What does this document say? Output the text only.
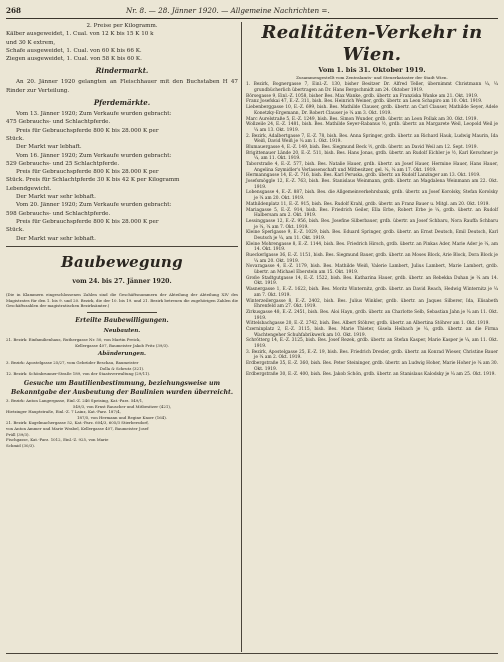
268	Nr. 8. — 28. Jänner 1920. — Allgemeine Nachrichten =.

2. Preise per Kilogramm.

Kälber ausgeweidet, 1. Cual. von 12 K bis 15 K 10 k

und 30 K extrem,

Schafe ausgeweidet, 1. Cual. von 60 K bis 66 K.

Ziegen ausgeweidet, 1. Cual. von 58 K bis 60 K.

Rindermarkt.

An 20. Jänner 1920 gelangten an Fleischhauer mit den Buchstaben H 47 Rinder zur Verteilung.

Pferdemärkte.

Vom 13. Jänner 1920; Zum Verkaufe wurden gebracht:

475 Gebrauchs- und Schlachtpferde.

Preis für Gebrauchspferde 800 K bis 28.000 K per

Stück.

Der Markt war lebhaft.

Vom 16. Jänner 1920; Zum Verkaufe wurden gebracht:

529 Gebrauchs- und 25 Schlachtpferde.

Preis für Gebrauchspferde 800 K bis 28.000 K per

Stück. Preis für Schlachtpferde 30 K bis 42 K per Kilogramm

Lebendgewicht.

Der Markt war sehr lebhaft.

Vom 20. Jänner 1920; Zum Verkaufe wurden gebracht:

598 Gebrauchs- und Schlachtpferde.

Preis für Gebrauchspferde 800 K bis 28.000 K per

Stück.

Der Markt war sehr lebhaft.

Baubewegung

vom 24. bis 27. Jänner 1920.

(Die in Klammern eingeschlossenen Zahlen sind die Geschäftsnummern der Abteilung der Abteilung XIV des Magistrates für den 1. bis 9. und 20. Bezirk, die der 10. bis 19. und 21. Bezirk betreuen die zugehörigen Zahlen die Geschäftszahlen der magistratischen Bezirksämter.)

Erteilte Baubewilligungen.

Neubauten.

21. Bezirk: Einfamilienhaus, Ruthergasse Nr. 50, von Martin Preick,

Kellergasse 407, Baumeister Jakob Fritz (39/3).

Abänderungen.

3. Bezirk: Apostelgasse 25/27, vom Gebrüder Beschau, Baumeister

Dolla & Schrutz (321).

12. Bezirk: Schönbrunner-Straße 189, von der Staatsverwaltung (29/11).

Gesuche um Bautilienbestimmung, beziehungsweise um Bekanntgabe der Ausbeutung der Baulinien wurden überreicht.

3. Bezirk: Anton Langergasse, Einl.-Z. 246 Speising, Kat.-Parz. 549/1,

549/3, von Ernst Rauscher und Mitbesitzer (421),

Hietzinger Hauptstraße, Einl.-Z. 7 Lainz, Kat.-Parz. 187/4,

187/5, von Hermann und Regine Knorr (164).

21. Bezirk: Kugelmachergasse 52, Kat.-Parz. 604/3, 605/3 Stierbersdorf,

von Anton Ammer und Marie Wrabel, Kellergasse 407, Baumeister Josef

Prüll (39/3).

Fischgasse, Kat.-Parz. 1012, Einl.-Z. 925, von Marie

Schmid (30/3).

Realitäten-Verkehr in Wien.

Vom 1. bis 31. Oktober 1919.

Zusammengestellt vom Zentralamts- und Steuerkataster der Stadt Wien.

1. Bezirk, Bognergasse 7, Einl.-Z. 130, bisher Besitzer Dr. Alfred Teller, übernimmt Christmann ¼, ¼ grundbücherlich übertragen an Dr. Hans Bergschmidt am 24. Oktober 1919.

Börsegasse 9, Einl.-Z. 1058, bisher Bes. Max Wanke, grdb. übertr. an Franziska Wanke am 21. Okt. 1919.

Franz Josefskai 47, E.-Z. 311, bish. Bes. Heinrich Weiner, grdb. übertr. an Leon Schapiro am 10. Okt. 1919.

Liebenberggasse 10, E.-Z. 699, bish. Bes. Mathilde Clauser, grdb. übertr. an Carl Clauser, Mathilde Seyer, Adele Konetzky-Ergemann, Dr. Robert Clauser je ¼ am 3. Okt. 1919.

Marc Aurelstraße 5, E.-Z. 1249, bish. Bes. Simon Wunder, grdb. übertr. an Leon Pollak am 30. Okt. 1919.

Wollzeile 24, E.-Z. 1481, bish. Bes. Mathilde Seyer-Rabanus ½, grdb. übertr. an Margarete Weil, Leopold Weil je ¼ am 13. Okt. 1919.

2. Bezirk, Adalbertgasse 7, E.-Z. 78, bish. Bes. Anna Springer, grdb. übertr. an Richard Hauk, Ludwig Maurin, Ida Weiß, David Weiß je ¼ am 1. Okt. 1919.

Blumauergasse 4, E.-Z. 149, bish. Bes. Siegmund Beck ½, grdb. übertr. an David Weil am 12. Sept. 1919.

Brigittenauer Lände 20, E.-Z. 511, bish. Bes. Hans Jonas, grdb. übertr. an Rudolf Eichler je ½, Karl Kerschner je ¼, am 11. Okt. 1919.

Taborstraße 4, E.-Z. 577, bish. Bes. Natalie Hauer, grdb. übertr. an Josef Hauer, Hermine Hauer, Hans Hauer, Angelina Szymidler's Verlassenschaft und Mitbesitzer, gel. ¼, ¼ am 17. Okt. 1919.

Hermanngasse 14, E.-Z. 716, bish. Bes. Karl Peruska, grdb. übertr. an Rudolf Lanzinger am 13. Okt. 1919.

Josefsmöggle 12, E.-Z. 763, bish. Bes. Stanislaus Weinmann, grdb. übertr. an Magdalena Weinmann am 22. Okt. 1919.

Lobensgasse 4, E.-Z. 887, bish. Bes. die Allgemeinverkehrsbank, grdb. übertr. an Josef Korolsky, Stefan Korolsky je ¼ am 20. Okt. 1919.

Mathildenplatz 11, E.-Z. 915, bish. Bes. Rudolf Krahl, grdb. übertr. an Franz Bauer u. Mitgl. am 20. Okt. 1919.

Mariagasse 5, E.-Z. 914, bish. Bes. Friedrich Geiler, Ella Erbe, Robert Erbe je ¼, grdb. übertr. an Rudolf Halbersam am 2. Okt. 1919.

Lessinggasse 12, E.-Z. 956, bish. Bes. Josefine Silberbauer, grdb. übertr. an Josef Schbaru, Nora Rauffa Schbaru je ¼, ¼ am 7. Okt. 1919.

Kleine Sperlgasse 9, E.-Z. 1029, bish. Bes. Eduard Springer, grdb. übertr. an Ernst Deutsch, Emil Deutsch, Karl Deutsch je ¼, am 11. Okt. 1919.

Kleine Mohrengasse 8, E.-Z. 1144, bish. Bes. Friedrich Hirsch, grdb. übertr. an Pinkas Ader, Marie Ader je ¼, am 14. Okt. 1919.

Rueckerlgasse 36, E.-Z. 1151, bish. Bes. Siegmund Bauer, grdb. übertr. an Moses Block, Arie Block, Dora Block je ¼ am 20. Okt. 1919.

Novaragasse 4, E.-Z. 1179, bish. Bes. Mathilde Weiß, Valerie Lambert, Julius Lambert, Marie Lambert, grdb. übertr. an Michael Eberstein am 15. Okt. 1919.

Große Stadtgutgasse 14, E.-Z. 1522, bish. Bes. Katharina Hauer, grdb. übertr. an Rebekka Duhan je ¼ am 14. Okt. 1919.

Wasnergasse 1, E.-Z. 1622, bish. Bes. Moritz Winternitz, grdb. übertr. an David Reach, Hedwig Winternitz je ¼ am 7. Okt. 1919.

Winterzeilergasse 8, E.-Z. 2402, bish. Bes. Julius Winkler, grdb. übertr. an Jaques Silberer, Ida, Elisabeth Ehrenfeld am 27. Okt. 1919.

Zirkusgasse 48, E.-Z. 2451, bish. Bes. Aloi Hayn, grdb. übertr. an Charlotte Selb, Sebastian Jahn je ¼ am 11. Okt. 1919.

Wittelsbachgasse 20, E.-Z. 2742, bish. Bes. Albert Stöhrer, grdb. übertr. an Albertina Stöhrer am 1. Okt. 1919.

Czerninplatz 2, E.-Z. 3115, bish. Bes. Marie Thieter, Gisela Heibach je ¼, grdb. übertr. an die Firma Wachtengeher Schuhfabrikwerk am 10. Okt. 1919.

Schrötterg 14, E.-Z. 3125, bish. Bes. Josef Rezek, grdb. übertr. an Stefan Kasper, Marie Kasper je ¼, am 11. Okt. 1919.

3. Bezirk, Apostelgasse 25, E.-Z. 19, bish. Bes. Friedrich Drexler, grdb. übertr. an Konrad Wieser, Christine Bauer je ¼ am 2. Okt. 1919.

Erdbergstraße 35, E.-Z. 360, bish. Bes. Peter Steininger, grdb. übertr. an Ludwig Hoher, Marie Hoher je ¼ am 30. Okt. 1919.

Erdbergstraße 30, E.-Z. 400, bish. Bes. Jakob Schön, grdb. übertr. an Stanislaus Kalodsky je ¼ am 25. Okt. 1919.
